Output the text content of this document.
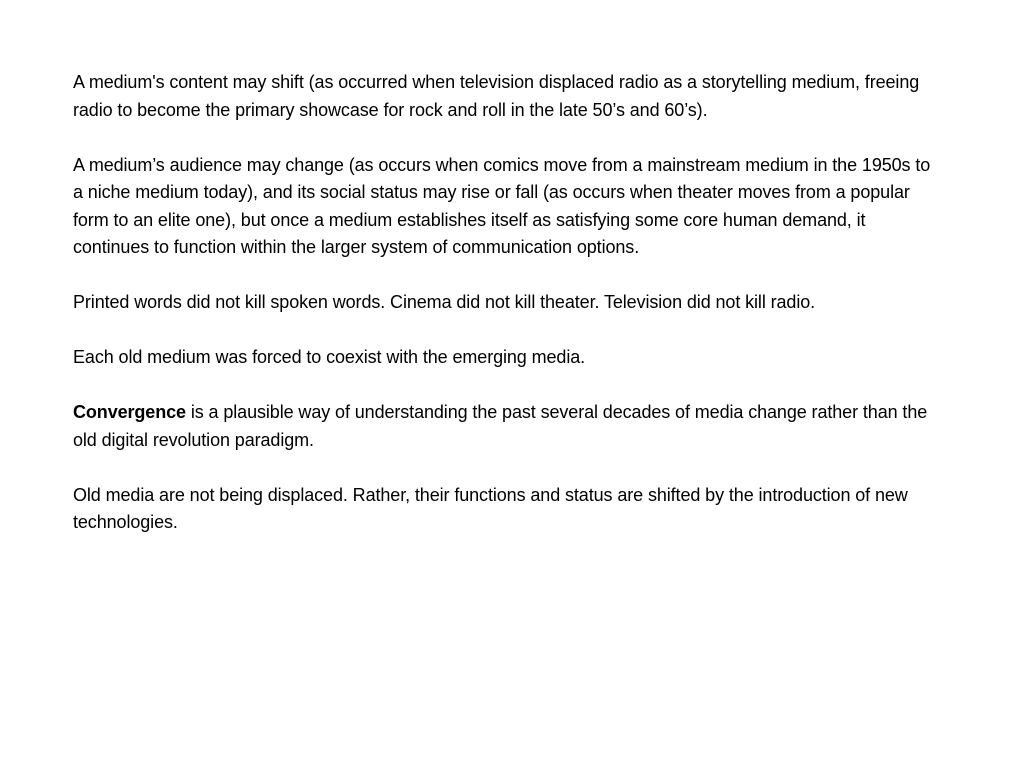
A medium's content may shift (as occurred when television displaced radio as a storytelling medium, freeing radio to become the primary showcase for rock and roll in the late 50’s and 60’s).

A medium’s audience may change (as occurs when comics move from a mainstream medium in the 1950s to a niche medium today), and its social status may rise or fall (as occurs when theater moves from a popular form to an elite one), but once a medium establishes itself as satisfying some core human demand, it continues to function within the larger system of communication options.

Printed words did not kill spoken words. Cinema did not kill theater. Television did not kill radio.

Each old medium was forced to coexist with the emerging media.

Convergence is a plausible way of understanding the past several decades of media change rather than the old digital revolution paradigm.

Old media are not being displaced. Rather, their functions and status are shifted by the introduction of new technologies.
